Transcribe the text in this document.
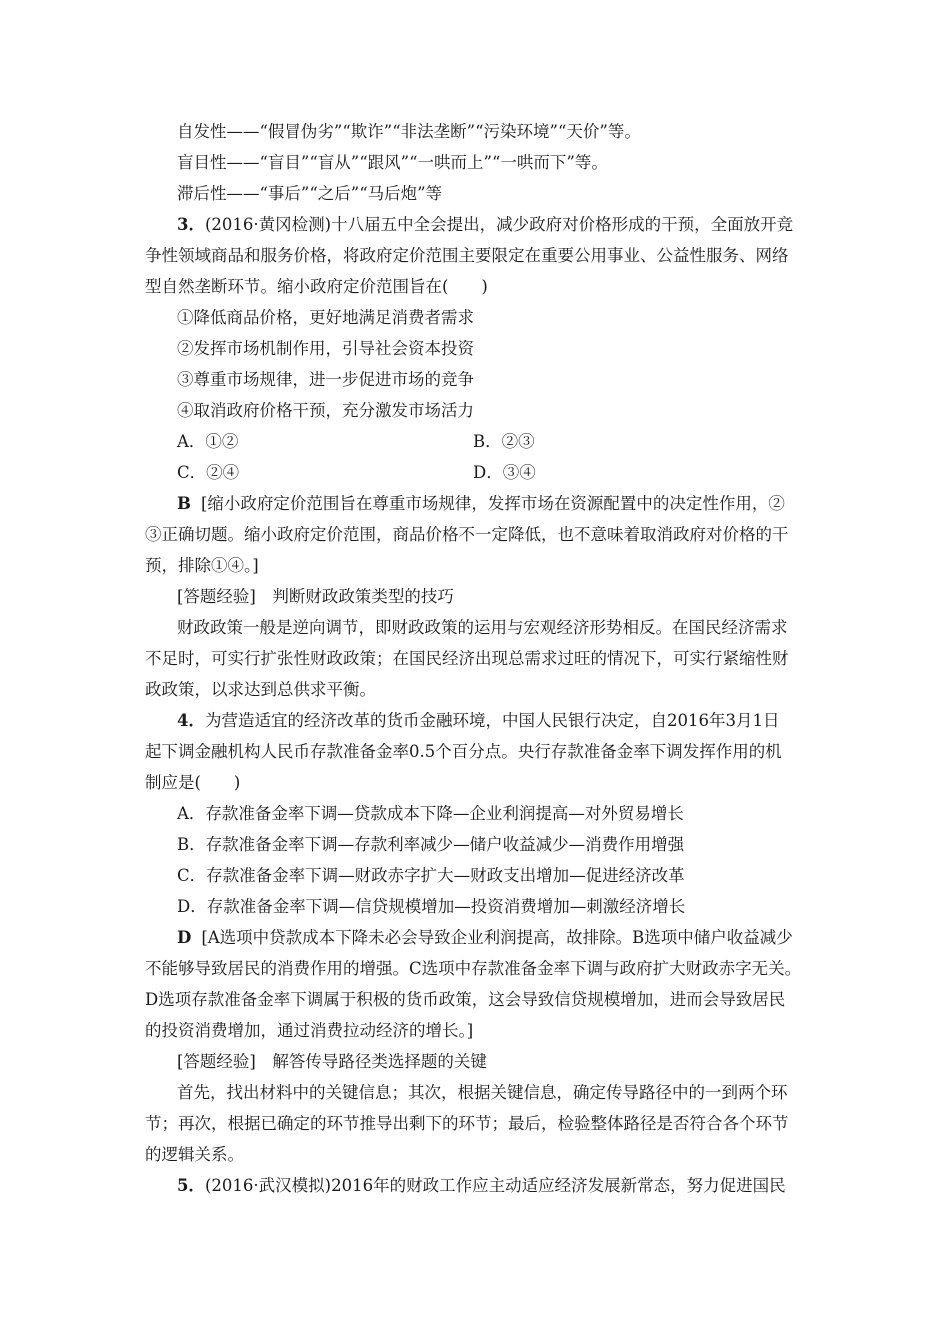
自发性——“假冒伪劣”“欺诈”“非法垄断”“污染环境”“天价”等。
盲目性——“盲目”“盲从”“跟风”“一哄而上”“一哄而下”等。
滞后性——“事后”“之后”“马后炮”等
3．(2016·黄冈检测)十八届五中全会提出，减少政府对价格形成的干预，全面放开竞
争性领域商品和服务价格，将政府定价范围主要限定在重要公用事业、公益性服务、网络
型自然垄断环节。缩小政府定价范围旨在(　　)
①降低商品价格，更好地满足消费者需求
②发挥市场机制作用，引导社会资本投资
③尊重市场规律，进一步促进市场的竞争
④取消政府价格干预，充分激发市场活力
A．①②	B．②③
C．②④	D．③④
B [缩小政府定价范围旨在尊重市场规律，发挥市场在资源配置中的决定性作用，②
③正确切题。缩小政府定价范围，商品价格不一定降低，也不意味着取消政府对价格的干
预，排除①④。]
[答题经验]　判断财政政策类型的技巧
财政政策一般是逆向调节，即财政政策的运用与宏观经济形势相反。在国民经济需求
不足时，可实行扩张性财政政策；在国民经济出现总需求过旺的情况下，可实行紧缩性财
政政策，以求达到总供求平衡。
4．为营造适宜的经济改革的货币金融环境，中国人民银行决定，自2016年3月1日
起下调金融机构人民币存款准备金率0.5个百分点。央行存款准备金率下调发挥作用的机
制应是(　　)
A．存款准备金率下调—贷款成本下降—企业利润提高—对外贸易增长
B．存款准备金率下调—存款利率减少—储户收益减少—消费作用增强
C．存款准备金率下调—财政赤字扩大—财政支出增加—促进经济改革
D．存款准备金率下调—信贷规模增加—投资消费增加—刺激经济增长
D [A选项中贷款成本下降未必会导致企业利润提高，故排除。B选项中储户收益减少
不能够导致居民的消费作用的增强。C选项中存款准备金率下调与政府扩大财政赤字无关。
D选项存款准备金率下调属于积极的货币政策，这会导致信贷规模增加，进而会导致居民
的投资消费增加，通过消费拉动经济的增长。]
[答题经验]　解答传导路径类选择题的关键
首先，找出材料中的关键信息；其次，根据关键信息，确定传导路径中的一到两个环
节；再次，根据已确定的环节推导出剩下的环节；最后，检验整体路径是否符合各个环节
的逻辑关系。
5．(2016·武汉模拟)2016年的财政工作应主动适应经济发展新常态，努力促进国民
